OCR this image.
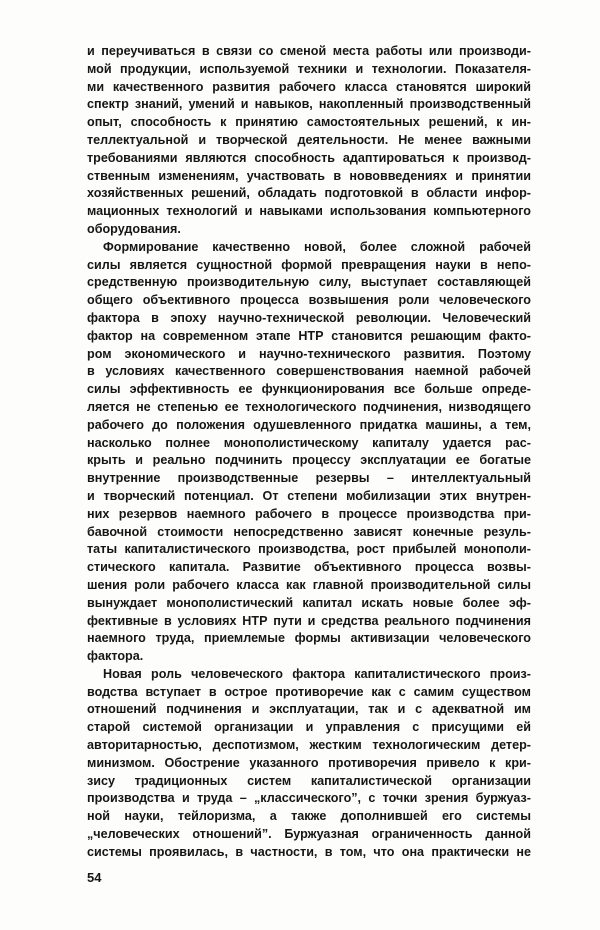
и переучиваться в связи со сменой места работы или производи-
мой продукции, используемой техники и технологии. Показателя-
ми качественного развития рабочего класса становятся широкий
спектр знаний, умений и навыков, накопленный производственный
опыт, способность к принятию самостоятельных решений, к ин-
теллектуальной и творческой деятельности. Не менее важными
требованиями являются способность адаптироваться к производ-
ственным изменениям, участвовать в нововведениях и принятии
хозяйственных решений, обладать подготовкой в области инфор-
мационных технологий и навыками использования компьютерного
оборудования.
Формирование качественно новой, более сложной рабочей
силы является сущностной формой превращения науки в непо-
средственную производительную силу, выступает составляющей
общего объективного процесса возвышения роли человеческого
фактора в эпоху научно-технической революции. Человеческий
фактор на современном этапе НТР становится решающим факто-
ром экономического и научно-технического развития. Поэтому
в условиях качественного совершенствования наемной рабочей
силы эффективность ее функционирования все больше опреде-
ляется не степенью ее технологического подчинения, низводящего
рабочего до положения одушевленного придатка машины, а тем,
насколько полнее монополистическому капиталу удается рас-
крыть и реально подчинить процессу эксплуатации ее богатые
внутренние производственные резервы – интеллектуальный
и творческий потенциал. От степени мобилизации этих внутрен-
них резервов наемного рабочего в процессе производства при-
бавочной стоимости непосредственно зависят конечные резуль-
таты капиталистического производства, рост прибылей монополи-
стического капитала. Развитие объективного процесса возвы-
шения роли рабочего класса как главной производительной силы
вынуждает монополистический капитал искать новые более эф-
фективные в условиях НТР пути и средства реального подчинения
наемного труда, приемлемые формы активизации человеческого
фактора.
Новая роль человеческого фактора капиталистического произ-
водства вступает в острое противоречие как с самим существом
отношений подчинения и эксплуатации, так и с адекватной им
старой системой организации и управления с присущими ей
авторитарностью, деспотизмом, жестким технологическим детер-
минизмом. Обострение указанного противоречия привело к кри-
зису традиционных систем капиталистической организации
производства и труда – „классического”, с точки зрения буржуаз-
ной науки, тейлоризма, а также дополнившей его системы
„человеческих отношений”. Буржуазная ограниченность данной
системы проявилась, в частности, в том, что она практически не
54
